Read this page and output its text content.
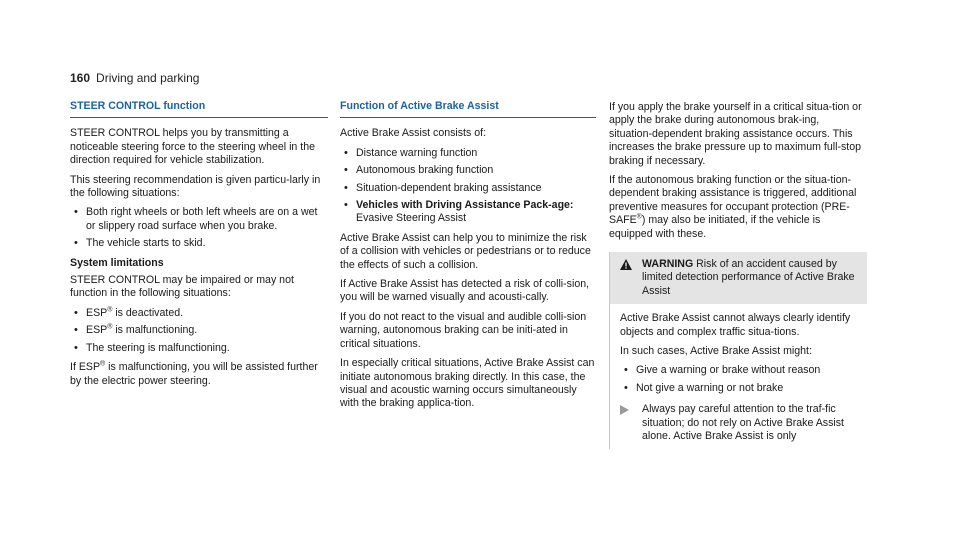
160 Driving and parking
STEER CONTROL function

STEER CONTROL helps you by transmitting a noticeable steering force to the steering wheel in the direction required for vehicle stabilization.

This steering recommendation is given particu-larly in the following situations:

• Both right wheels or both left wheels are on a wet or slippery road surface when you brake.
• The vehicle starts to skid.
System limitations

STEER CONTROL may be impaired or may not function in the following situations:

• ESP® is deactivated.
• ESP® is malfunctioning.
• The steering is malfunctioning.

If ESP® is malfunctioning, you will be assisted further by the electric power steering.

Function of Active Brake Assist

Active Brake Assist consists of:

• Distance warning function
• Autonomous braking function
• Situation-dependent braking assistance
• Vehicles with Driving Assistance Pack-age: Evasive Steering Assist

Active Brake Assist can help you to minimize the risk of a collision with vehicles or pedestrians or to reduce the effects of such a collision.

If Active Brake Assist has detected a risk of colli-sion, you will be warned visually and acousti-cally.

If you do not react to the visual and audible colli-sion warning, autonomous braking can be initi-ated in critical situations.

In especially critical situations, Active Brake Assist can initiate autonomous braking directly. In this case, the visual and acoustic warning occurs simultaneously with the braking applica-tion.

If you apply the brake yourself in a critical situa-tion or apply the brake during autonomous brak-ing, situation-dependent braking assistance occurs. This increases the brake pressure up to maximum full-stop braking if necessary.

If the autonomous braking function or the situa-tion-dependent braking assistance is triggered, additional preventive measures for occupant protection (PRE-SAFE®) may also be initiated, if the vehicle is equipped with these.

WARNING Risk of an accident caused by limited detection performance of Active Brake Assist

Active Brake Assist cannot always clearly identify objects and complex traffic situa-tions.

In such cases, Active Brake Assist might:

• Give a warning or brake without reason
• Not give a warning or not brake
Always pay careful attention to the traf-fic situation; do not rely on Active Brake Assist alone. Active Brake Assist is only
